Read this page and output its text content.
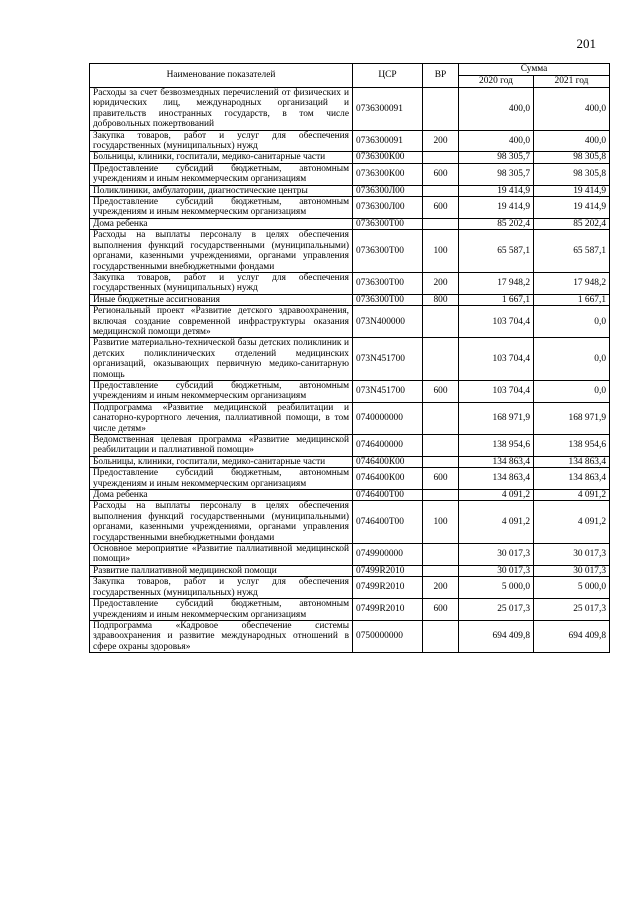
201
Наименование показателей	ЦСР	ВР	Сумма	
			2020 год	2021 год
Расходы за счет безвозмездных перечислений от физических и юридических лиц, международных организаций и правительств иностранных государств, в том числе добровольных пожертвований	0736300091		400,0	400,0
Закупка товаров, работ и услуг для обеспечения государственных (муниципальных) нужд	0736300091	200	400,0	400,0
Больницы, клиники, госпитали, медико-санитарные части	0736300К00		98 305,7	98 305,8
Предоставление субсидий бюджетным, автономным учреждениям и иным некоммерческим организациям	0736300К00	600	98 305,7	98 305,8
Поликлиники, амбулатории, диагностические центры	0736300Л00		19 414,9	19 414,9
Предоставление субсидий бюджетным, автономным учреждениям и иным некоммерческим организациям	0736300Л00	600	19 414,9	19 414,9
Дома ребенка	0736300Т00		85 202,4	85 202,4
Расходы на выплаты персоналу в целях обеспечения выполнения функций государственными (муниципальными) органами, казенными учреждениями, органами управления государственными внебюджетными фондами	0736300Т00	100	65 587,1	65 587,1
Закупка товаров, работ и услуг для обеспечения государственных (муниципальных) нужд	0736300Т00	200	17 948,2	17 948,2
Иные бюджетные ассигнования	0736300Т00	800	1 667,1	1 667,1
Региональный проект «Развитие детского здравоохранения, включая создание современной инфраструктуры оказания медицинской помощи детям»	073N400000		103 704,4	0,0
Развитие материально-технической базы детских поликлиник и детских поликлинических отделений медицинских организаций, оказывающих первичную медико-санитарную помощь	073N451700		103 704,4	0,0
Предоставление субсидий бюджетным, автономным учреждениям и иным некоммерческим организациям	073N451700	600	103 704,4	0,0
Подпрограмма «Развитие медицинской реабилитации и санаторно-курортного лечения, паллиативной помощи, в том числе детям»	0740000000		168 971,9	168 971,9
Ведомственная целевая программа «Развитие медицинской реабилитации и паллиативной помощи»	0746400000		138 954,6	138 954,6
Больницы, клиники, госпитали, медико-санитарные части	0746400К00		134 863,4	134 863,4
Предоставление субсидий бюджетным, автономным учреждениям и иным некоммерческим организациям	0746400К00	600	134 863,4	134 863,4
Дома ребенка	0746400Т00		4 091,2	4 091,2
Расходы на выплаты персоналу в целях обеспечения выполнения функций государственными (муниципальными) органами, казенными учреждениями, органами управления государственными внебюджетными фондами	0746400Т00	100	4 091,2	4 091,2
Основное мероприятие «Развитие паллиативной медицинской помощи»	0749900000		30 017,3	30 017,3
Развитие паллиативной медицинской помощи	07499R2010		30 017,3	30 017,3
Закупка товаров, работ и услуг для обеспечения государственных (муниципальных) нужд	07499R2010	200	5 000,0	5 000,0
Предоставление субсидий бюджетным, автономным учреждениям и иным некоммерческим организациям	07499R2010	600	25 017,3	25 017,3
Подпрограмма «Кадровое обеспечение системы здравоохранения и развитие международных отношений в сфере охраны здоровья»	0750000000		694 409,8	694 409,8
